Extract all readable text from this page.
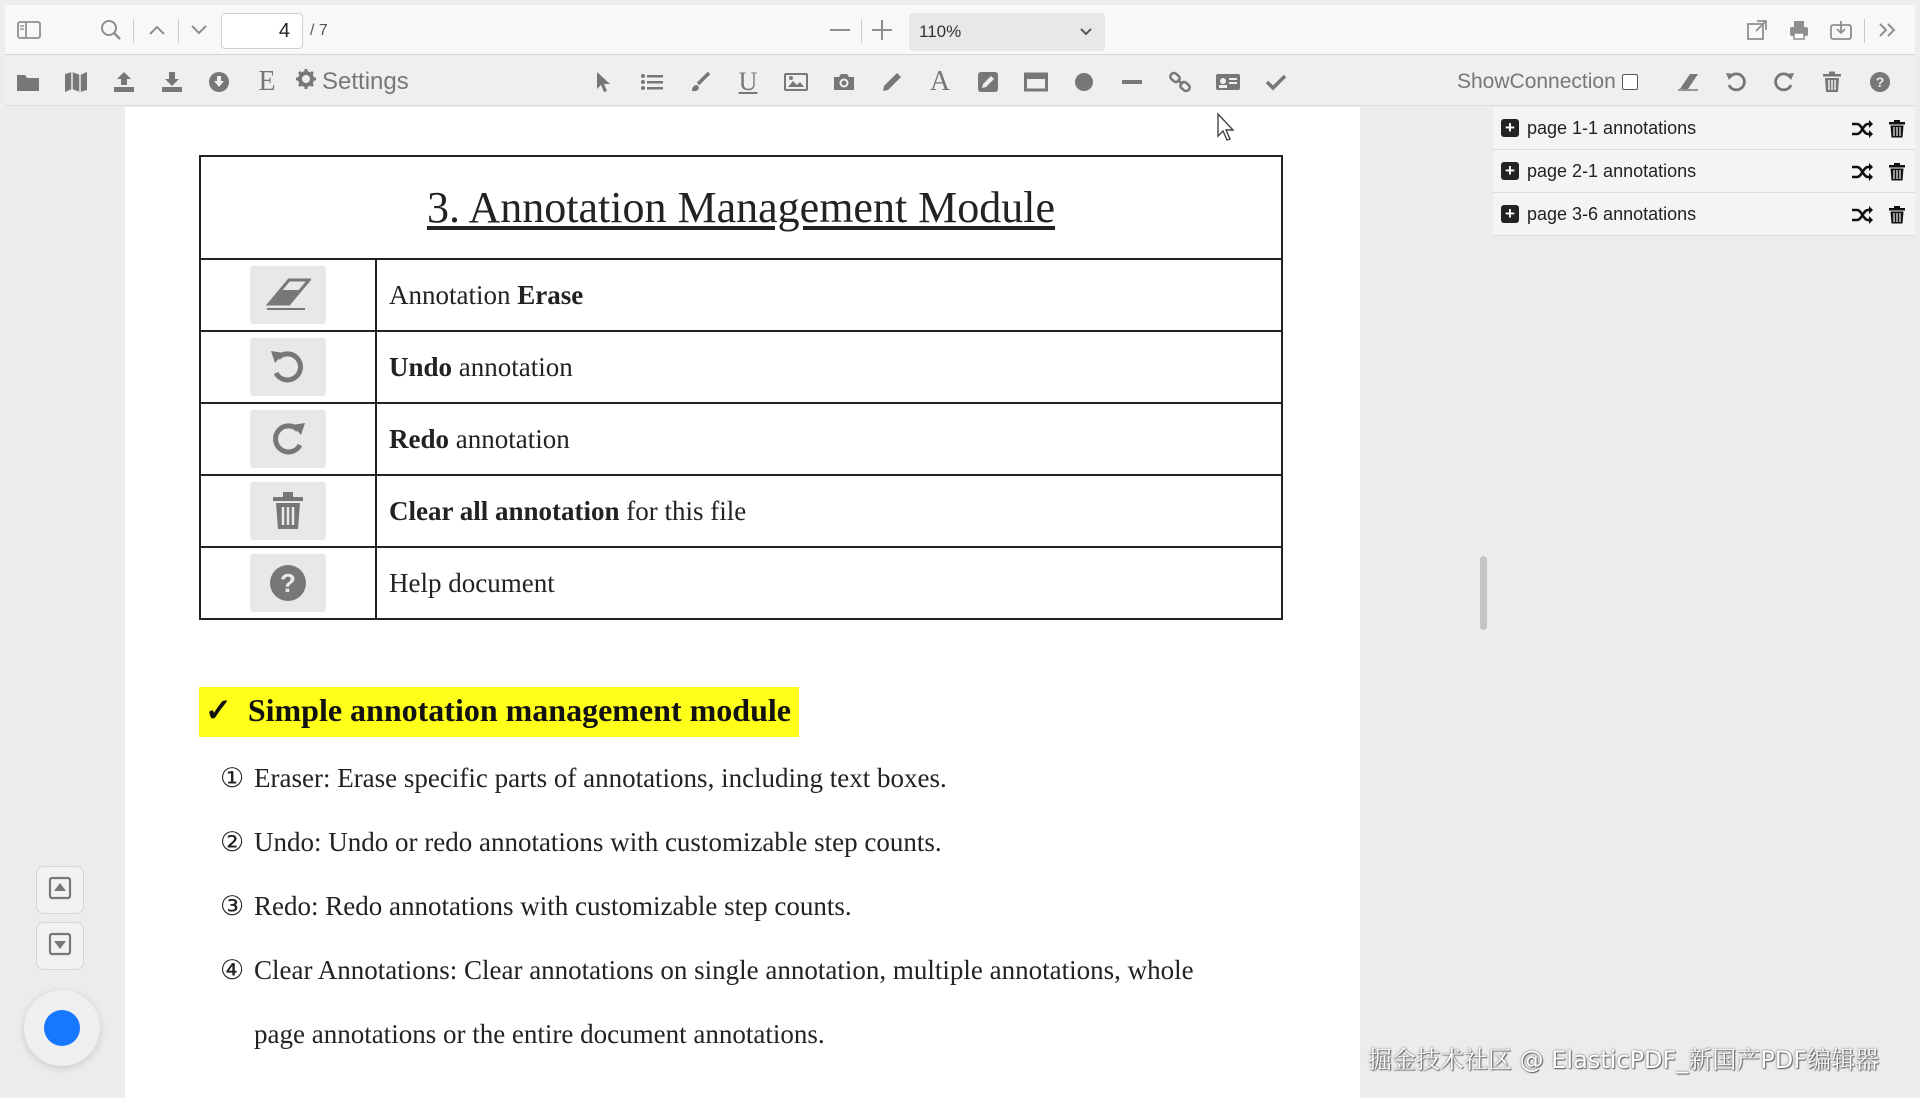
4	/ 7	110%
E	Settings	U	A	ShowConnection	?
3. Annotation Management Module	

	Annotation Erase

	Undo annotation

	Redo annotation

	Clear all annotation for this file

?	Help document
✓ Simple annotation management module
① Eraser: Erase specific parts of annotations, including text boxes.
② Undo: Undo or redo annotations with customizable step counts.
③ Redo: Redo annotations with customizable step counts.
④ Clear Annotations: Clear annotations on single annotation, multiple annotations, whole
page annotations or the entire document annotations.
+ page 1-1 annotations
+ page 2-1 annotations
+ page 3-6 annotations
掘金技术社区 @ ElasticPDF_新国产PDF编辑器
